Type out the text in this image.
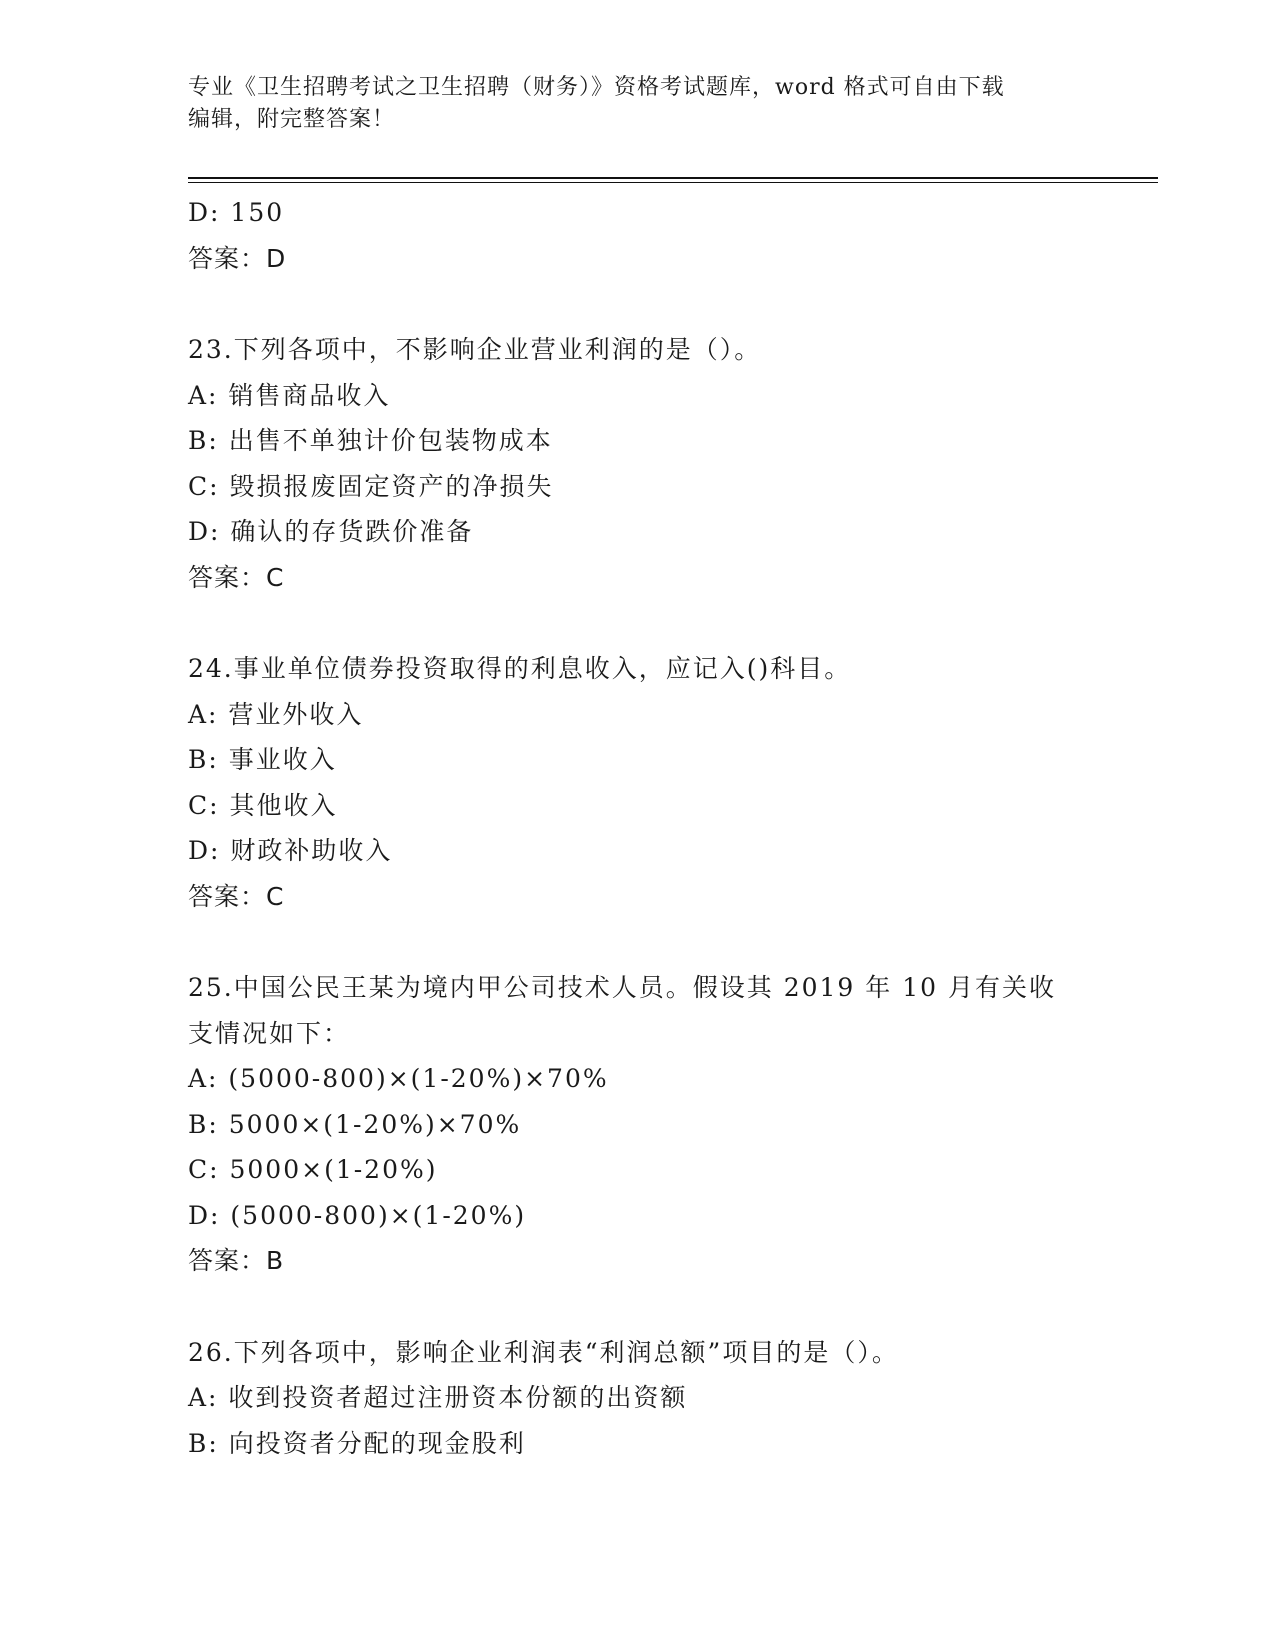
专业《卫生招聘考试之卫生招聘（财务）》资格考试题库，word 格式可自由下载
编辑，附完整答案！
D: 150
答案：D
23.下列各项中，不影响企业营业利润的是（）。
A: 销售商品收入
B: 出售不单独计价包装物成本
C: 毁损报废固定资产的净损失
D: 确认的存货跌价准备
答案：C
24.事业单位债券投资取得的利息收入，应记入()科目。
A: 营业外收入
B: 事业收入
C: 其他收入
D: 财政补助收入
答案：C
25.中国公民王某为境内甲公司技术人员。假设其 2019 年 10 月有关收
支情况如下：
A: (5000-800)×(1-20%)×70%
B: 5000×(1-20%)×70%
C: 5000×(1-20%)
D: (5000-800)×(1-20%)
答案：B
26.下列各项中，影响企业利润表“利润总额”项目的是（）。
A: 收到投资者超过注册资本份额的出资额
B: 向投资者分配的现金股利
